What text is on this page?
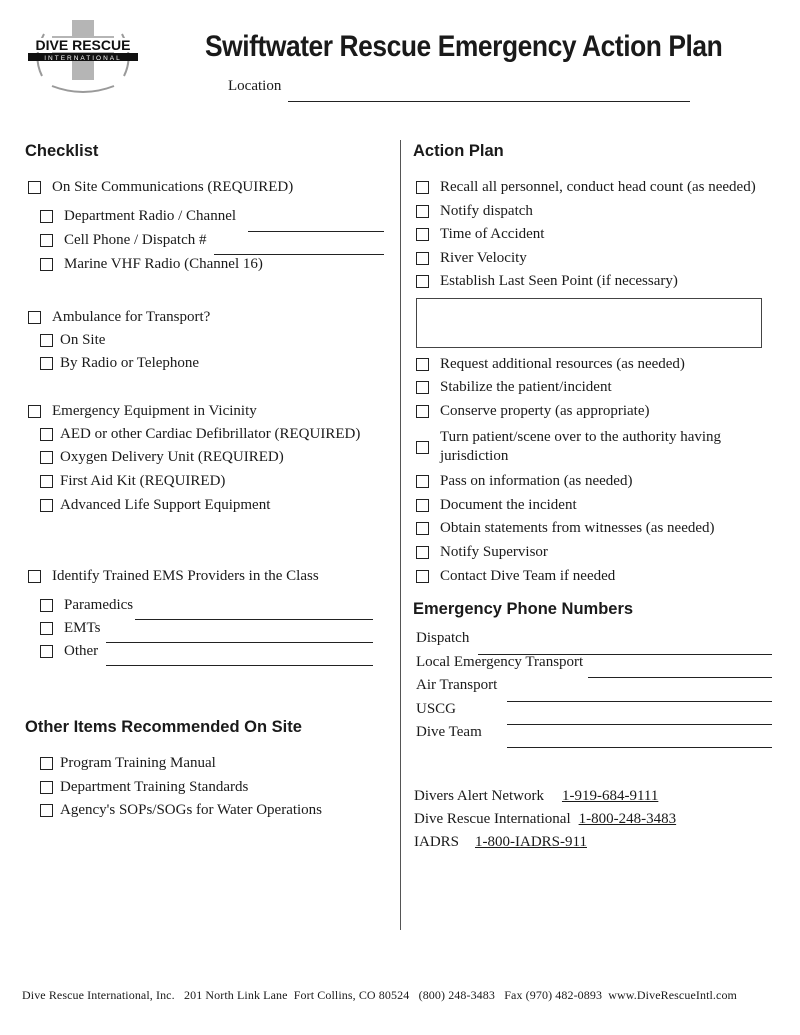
DIVE RESCUE
INTERNATIONAL	Swiftwater Rescue Emergency Action Plan
Location
Checklist
On Site Communications (REQUIRED)
Department Radio / Channel
Cell Phone / Dispatch #
Marine VHF Radio (Channel 16)
Ambulance for Transport?
On Site
By Radio or Telephone
Emergency Equipment in Vicinity
AED or other Cardiac Defibrillator (REQUIRED)
Oxygen Delivery Unit (REQUIRED)
First Aid Kit (REQUIRED)
Advanced Life Support Equipment
Identify Trained EMS Providers in the Class
Paramedics
EMTs
Other
Other Items Recommended On Site
Program Training Manual
Department Training Standards
Agency's SOPs/SOGs for Water Operations
Action Plan
Recall all personnel, conduct head count (as needed)
Notify dispatch
Time of Accident
River Velocity
Establish Last Seen Point (if necessary)
Request additional resources (as needed)
Stabilize the patient/incident
Conserve property (as appropriate)
Turn patient/scene over to the authority having
jurisdiction
Pass on information (as needed)
Document the incident
Obtain statements from witnesses (as needed)
Notify Supervisor
Contact Dive Team if needed
Emergency Phone Numbers
Dispatch
Local Emergency Transport
Air Transport
USCG
Dive Team
Divers Alert Network 1-919-684-9111
Dive Rescue International 1-800-248-3483
IADRS 1-800-IADRS-911
Dive Rescue International, Inc.   201 North Link Lane  Fort Collins, CO 80524   (800) 248-3483   Fax (970) 482-0893  www.DiveRescueIntl.com
